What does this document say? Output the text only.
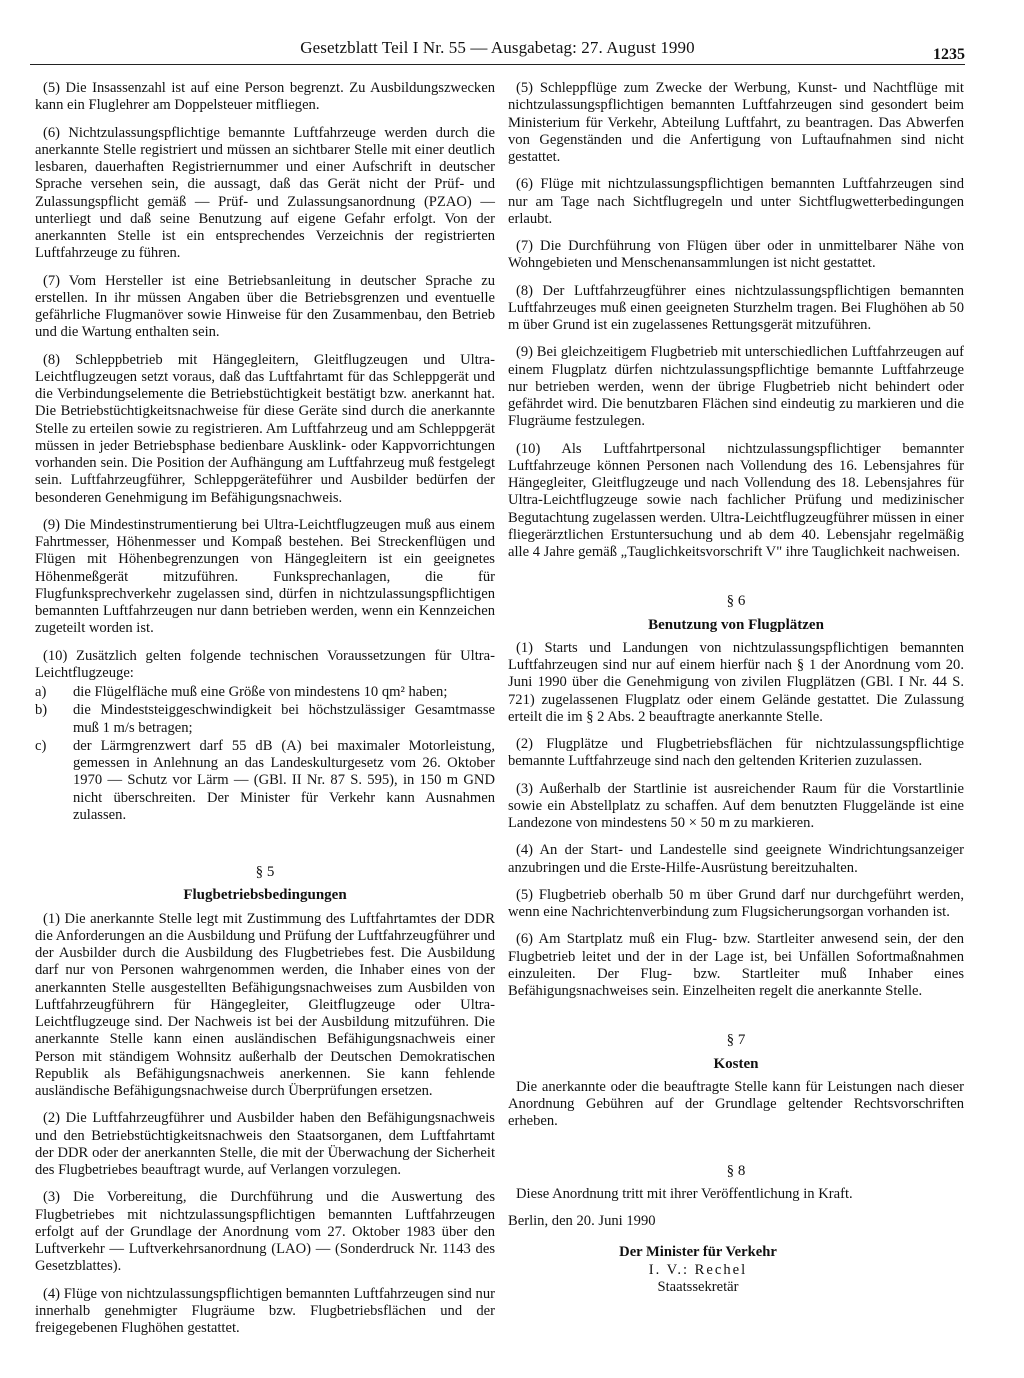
Gesetzblatt Teil I Nr. 55 — Ausgabetag: 27. August 1990	1235

(5) Die Insassenzahl ist auf eine Person begrenzt. Zu Ausbildungszwecken kann ein Fluglehrer am Doppelsteuer mitfliegen.

(6) Nichtzulassungspflichtige bemannte Luftfahrzeuge werden durch die anerkannte Stelle registriert und müssen an sichtbarer Stelle mit einer deutlich lesbaren, dauerhaften Registriernummer und einer Aufschrift in deutscher Sprache versehen sein, die aussagt, daß das Gerät nicht der Prüf- und Zulassungspflicht gemäß — Prüf- und Zulassungsanordnung (PZAO) — unterliegt und daß seine Benutzung auf eigene Gefahr erfolgt. Von der anerkannten Stelle ist ein entsprechendes Verzeichnis der registrierten Luftfahrzeuge zu führen.

(7) Vom Hersteller ist eine Betriebsanleitung in deutscher Sprache zu erstellen. In ihr müssen Angaben über die Betriebsgrenzen und eventuelle gefährliche Flugmanöver sowie Hinweise für den Zusammenbau, den Betrieb und die Wartung enthalten sein.

(8) Schleppbetrieb mit Hängegleitern, Gleitflugzeugen und Ultra-Leichtflugzeugen setzt voraus, daß das Luftfahrtamt für das Schleppgerät und die Verbindungselemente die Betriebstüchtigkeit bestätigt bzw. anerkannt hat. Die Betriebstüchtigkeitsnachweise für diese Geräte sind durch die anerkannte Stelle zu erteilen sowie zu registrieren. Am Luftfahrzeug und am Schleppgerät müssen in jeder Betriebsphase bedienbare Ausklink- oder Kappvorrichtungen vorhanden sein. Die Position der Aufhängung am Luftfahrzeug muß festgelegt sein. Luftfahrzeugführer, Schleppgeräteführer und Ausbilder bedürfen der besonderen Genehmigung im Befähigungsnachweis.

(9) Die Mindestinstrumentierung bei Ultra-Leichtflugzeugen muß aus einem Fahrtmesser, Höhenmesser und Kompaß bestehen. Bei Streckenflügen und Flügen mit Höhenbegrenzungen von Hängegleitern ist ein geeignetes Höhenmeßgerät mitzuführen. Funksprechanlagen, die für Flugfunksprechverkehr zugelassen sind, dürfen in nichtzulassungspflichtigen bemannten Luftfahrzeugen nur dann betrieben werden, wenn ein Kennzeichen zugeteilt worden ist.

(10) Zusätzlich gelten folgende technischen Voraussetzungen für Ultra-Leichtflugzeuge:

a)	die Flügelfläche muß eine Größe von mindestens 10 qm² haben;
b)	die Mindeststeiggeschwindigkeit bei höchstzulässiger Gesamtmasse muß 1 m/s betragen;
c)	der Lärmgrenzwert darf 55 dB (A) bei maximaler Motorleistung, gemessen in Anlehnung an das Landeskulturgesetz vom 26. Oktober 1970 — Schutz vor Lärm — (GBl. II Nr. 87 S. 595), in 150 m GND nicht überschreiten. Der Minister für Verkehr kann Ausnahmen zulassen.

§ 5

Flugbetriebsbedingungen

(1) Die anerkannte Stelle legt mit Zustimmung des Luftfahrtamtes der DDR die Anforderungen an die Ausbildung und Prüfung der Luftfahrzeugführer und der Ausbilder durch die Ausbildung des Flugbetriebes fest. Die Ausbildung darf nur von Personen wahrgenommen werden, die Inhaber eines von der anerkannten Stelle ausgestellten Befähigungsnachweises zum Ausbilden von Luftfahrzeugführern für Hängegleiter, Gleitflugzeuge oder Ultra-Leichtflugzeuge sind. Der Nachweis ist bei der Ausbildung mitzuführen. Die anerkannte Stelle kann einen ausländischen Befähigungsnachweis einer Person mit ständigem Wohnsitz außerhalb der Deutschen Demokratischen Republik als Befähigungsnachweis anerkennen. Sie kann fehlende ausländische Befähigungsnachweise durch Überprüfungen ersetzen.

(2) Die Luftfahrzeugführer und Ausbilder haben den Befähigungsnachweis und den Betriebstüchtigkeitsnachweis den Staatsorganen, dem Luftfahrtamt der DDR oder der anerkannten Stelle, die mit der Überwachung der Sicherheit des Flugbetriebes beauftragt wurde, auf Verlangen vorzulegen.

(3) Die Vorbereitung, die Durchführung und die Auswertung des Flugbetriebes mit nichtzulassungspflichtigen bemannten Luftfahrzeugen erfolgt auf der Grundlage der Anordnung vom 27. Oktober 1983 über den Luftverkehr — Luftverkehrsanordnung (LAO) — (Sonderdruck Nr. 1143 des Gesetzblattes).

(4) Flüge von nichtzulassungspflichtigen bemannten Luftfahrzeugen sind nur innerhalb genehmigter Flugräume bzw. Flugbetriebsflächen und der freigegebenen Flughöhen gestattet.

(5) Schleppflüge zum Zwecke der Werbung, Kunst- und Nachtflüge mit nichtzulassungspflichtigen bemannten Luftfahrzeugen sind gesondert beim Ministerium für Verkehr, Abteilung Luftfahrt, zu beantragen. Das Abwerfen von Gegenständen und die Anfertigung von Luftaufnahmen sind nicht gestattet.

(6) Flüge mit nichtzulassungspflichtigen bemannten Luftfahrzeugen sind nur am Tage nach Sichtflugregeln und unter Sichtflugwetterbedingungen erlaubt.

(7) Die Durchführung von Flügen über oder in unmittelbarer Nähe von Wohngebieten und Menschenansammlungen ist nicht gestattet.

(8) Der Luftfahrzeugführer eines nichtzulassungspflichtigen bemannten Luftfahrzeuges muß einen geeigneten Sturzhelm tragen. Bei Flughöhen ab 50 m über Grund ist ein zugelassenes Rettungsgerät mitzuführen.

(9) Bei gleichzeitigem Flugbetrieb mit unterschiedlichen Luftfahrzeugen auf einem Flugplatz dürfen nichtzulassungspflichtige bemannte Luftfahrzeuge nur betrieben werden, wenn der übrige Flugbetrieb nicht behindert oder gefährdet wird. Die benutzbaren Flächen sind eindeutig zu markieren und die Flugräume festzulegen.

(10) Als Luftfahrtpersonal nichtzulassungspflichtiger bemannter Luftfahrzeuge können Personen nach Vollendung des 16. Lebensjahres für Hängegleiter, Gleitflugzeuge und nach Vollendung des 18. Lebensjahres für Ultra-Leichtflugzeuge sowie nach fachlicher Prüfung und medizinischer Begutachtung zugelassen werden. Ultra-Leichtflugzeugführer müssen in einer fliegerärztlichen Erstuntersuchung und ab dem 40. Lebensjahr regelmäßig alle 4 Jahre gemäß „Tauglichkeitsvorschrift V" ihre Tauglichkeit nachweisen.

§ 6

Benutzung von Flugplätzen

(1) Starts und Landungen von nichtzulassungspflichtigen bemannten Luftfahrzeugen sind nur auf einem hierfür nach § 1 der Anordnung vom 20. Juni 1990 über die Genehmigung von zivilen Flugplätzen (GBl. I Nr. 44 S. 721) zugelassenen Flugplatz oder einem Gelände gestattet. Die Zulassung erteilt die im § 2 Abs. 2 beauftragte anerkannte Stelle.

(2) Flugplätze und Flugbetriebsflächen für nichtzulassungspflichtige bemannte Luftfahrzeuge sind nach den geltenden Kriterien zuzulassen.

(3) Außerhalb der Startlinie ist ausreichender Raum für die Vorstartlinie sowie ein Abstellplatz zu schaffen. Auf dem benutzten Fluggelände ist eine Landezone von mindestens 50 × 50 m zu markieren.

(4) An der Start- und Landestelle sind geeignete Windrichtungsanzeiger anzubringen und die Erste-Hilfe-Ausrüstung bereitzuhalten.

(5) Flugbetrieb oberhalb 50 m über Grund darf nur durchgeführt werden, wenn eine Nachrichtenverbindung zum Flugsicherungsorgan vorhanden ist.

(6) Am Startplatz muß ein Flug- bzw. Startleiter anwesend sein, der den Flugbetrieb leitet und der in der Lage ist, bei Unfällen Sofortmaßnahmen einzuleiten. Der Flug- bzw. Startleiter muß Inhaber eines Befähigungsnachweises sein. Einzelheiten regelt die anerkannte Stelle.

§ 7

Kosten

Die anerkannte oder die beauftragte Stelle kann für Leistungen nach dieser Anordnung Gebühren auf der Grundlage geltender Rechtsvorschriften erheben.

§ 8

Diese Anordnung tritt mit ihrer Veröffentlichung in Kraft.

Berlin, den 20. Juni 1990

Der Minister für Verkehr

I. V.: Rechel

Staatssekretär
